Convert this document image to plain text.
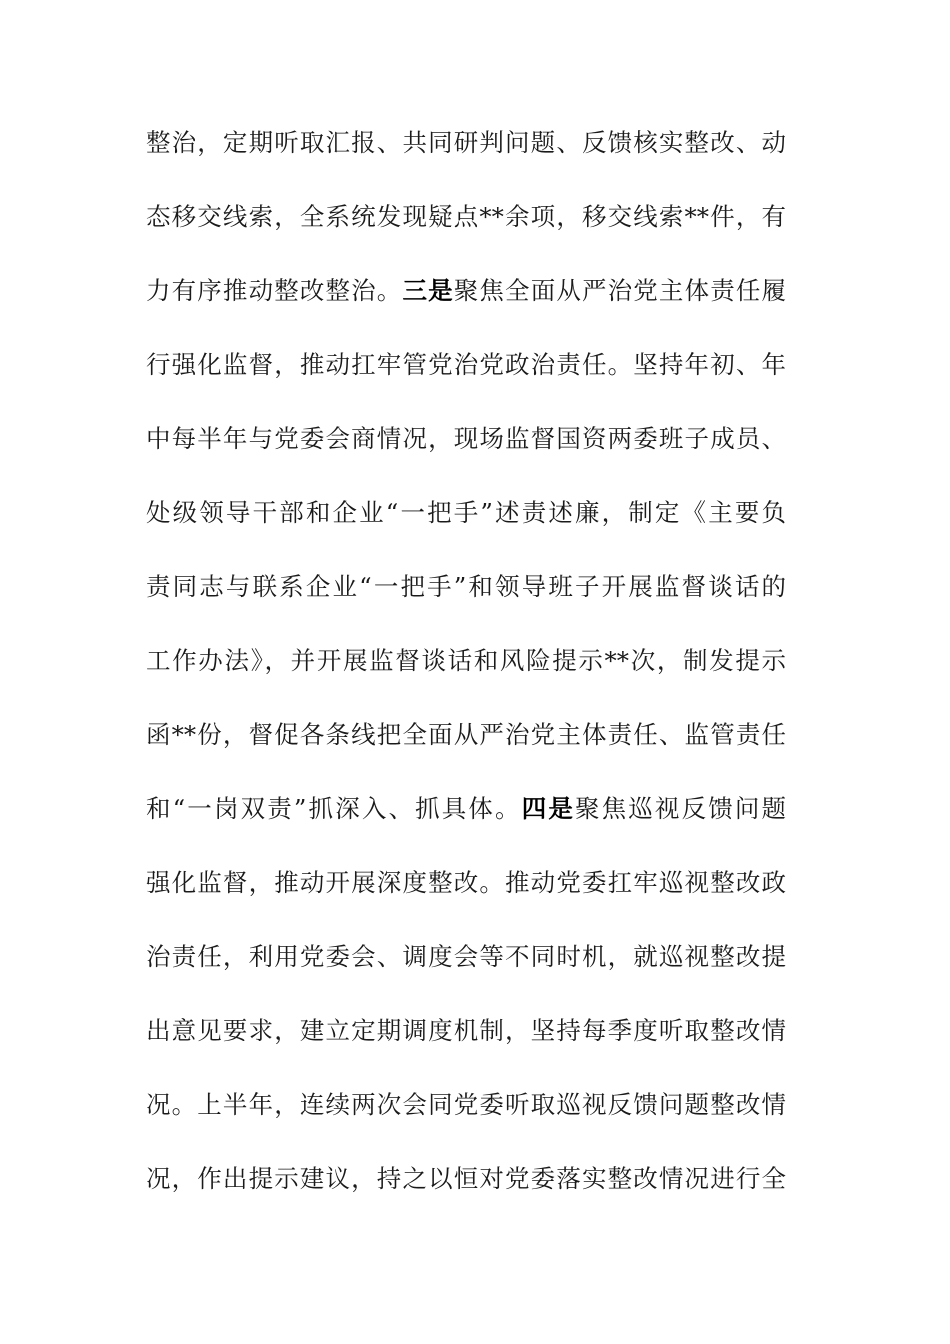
整治，定期听取汇报、共同研判问题、反馈核实整改、动
态移交线索，全系统发现疑点**余项，移交线索**件，有
力有序推动整改整治。三是聚焦全面从严治党主体责任履
行强化监督，推动扛牢管党治党政治责任。坚持年初、年
中每半年与党委会商情况，现场监督国资两委班子成员、
处级领导干部和企业“一把手”述责述廉，制定《主要负
责同志与联系企业“一把手”和领导班子开展监督谈话的
工作办法》，并开展监督谈话和风险提示**次，制发提示
函**份，督促各条线把全面从严治党主体责任、监管责任
和“一岗双责”抓深入、抓具体。四是聚焦巡视反馈问题
强化监督，推动开展深度整改。推动党委扛牢巡视整改政
治责任，利用党委会、调度会等不同时机，就巡视整改提
出意见要求，建立定期调度机制，坚持每季度听取整改情
况。上半年，连续两次会同党委听取巡视反馈问题整改情
况，作出提示建议，持之以恒对党委落实整改情况进行全
